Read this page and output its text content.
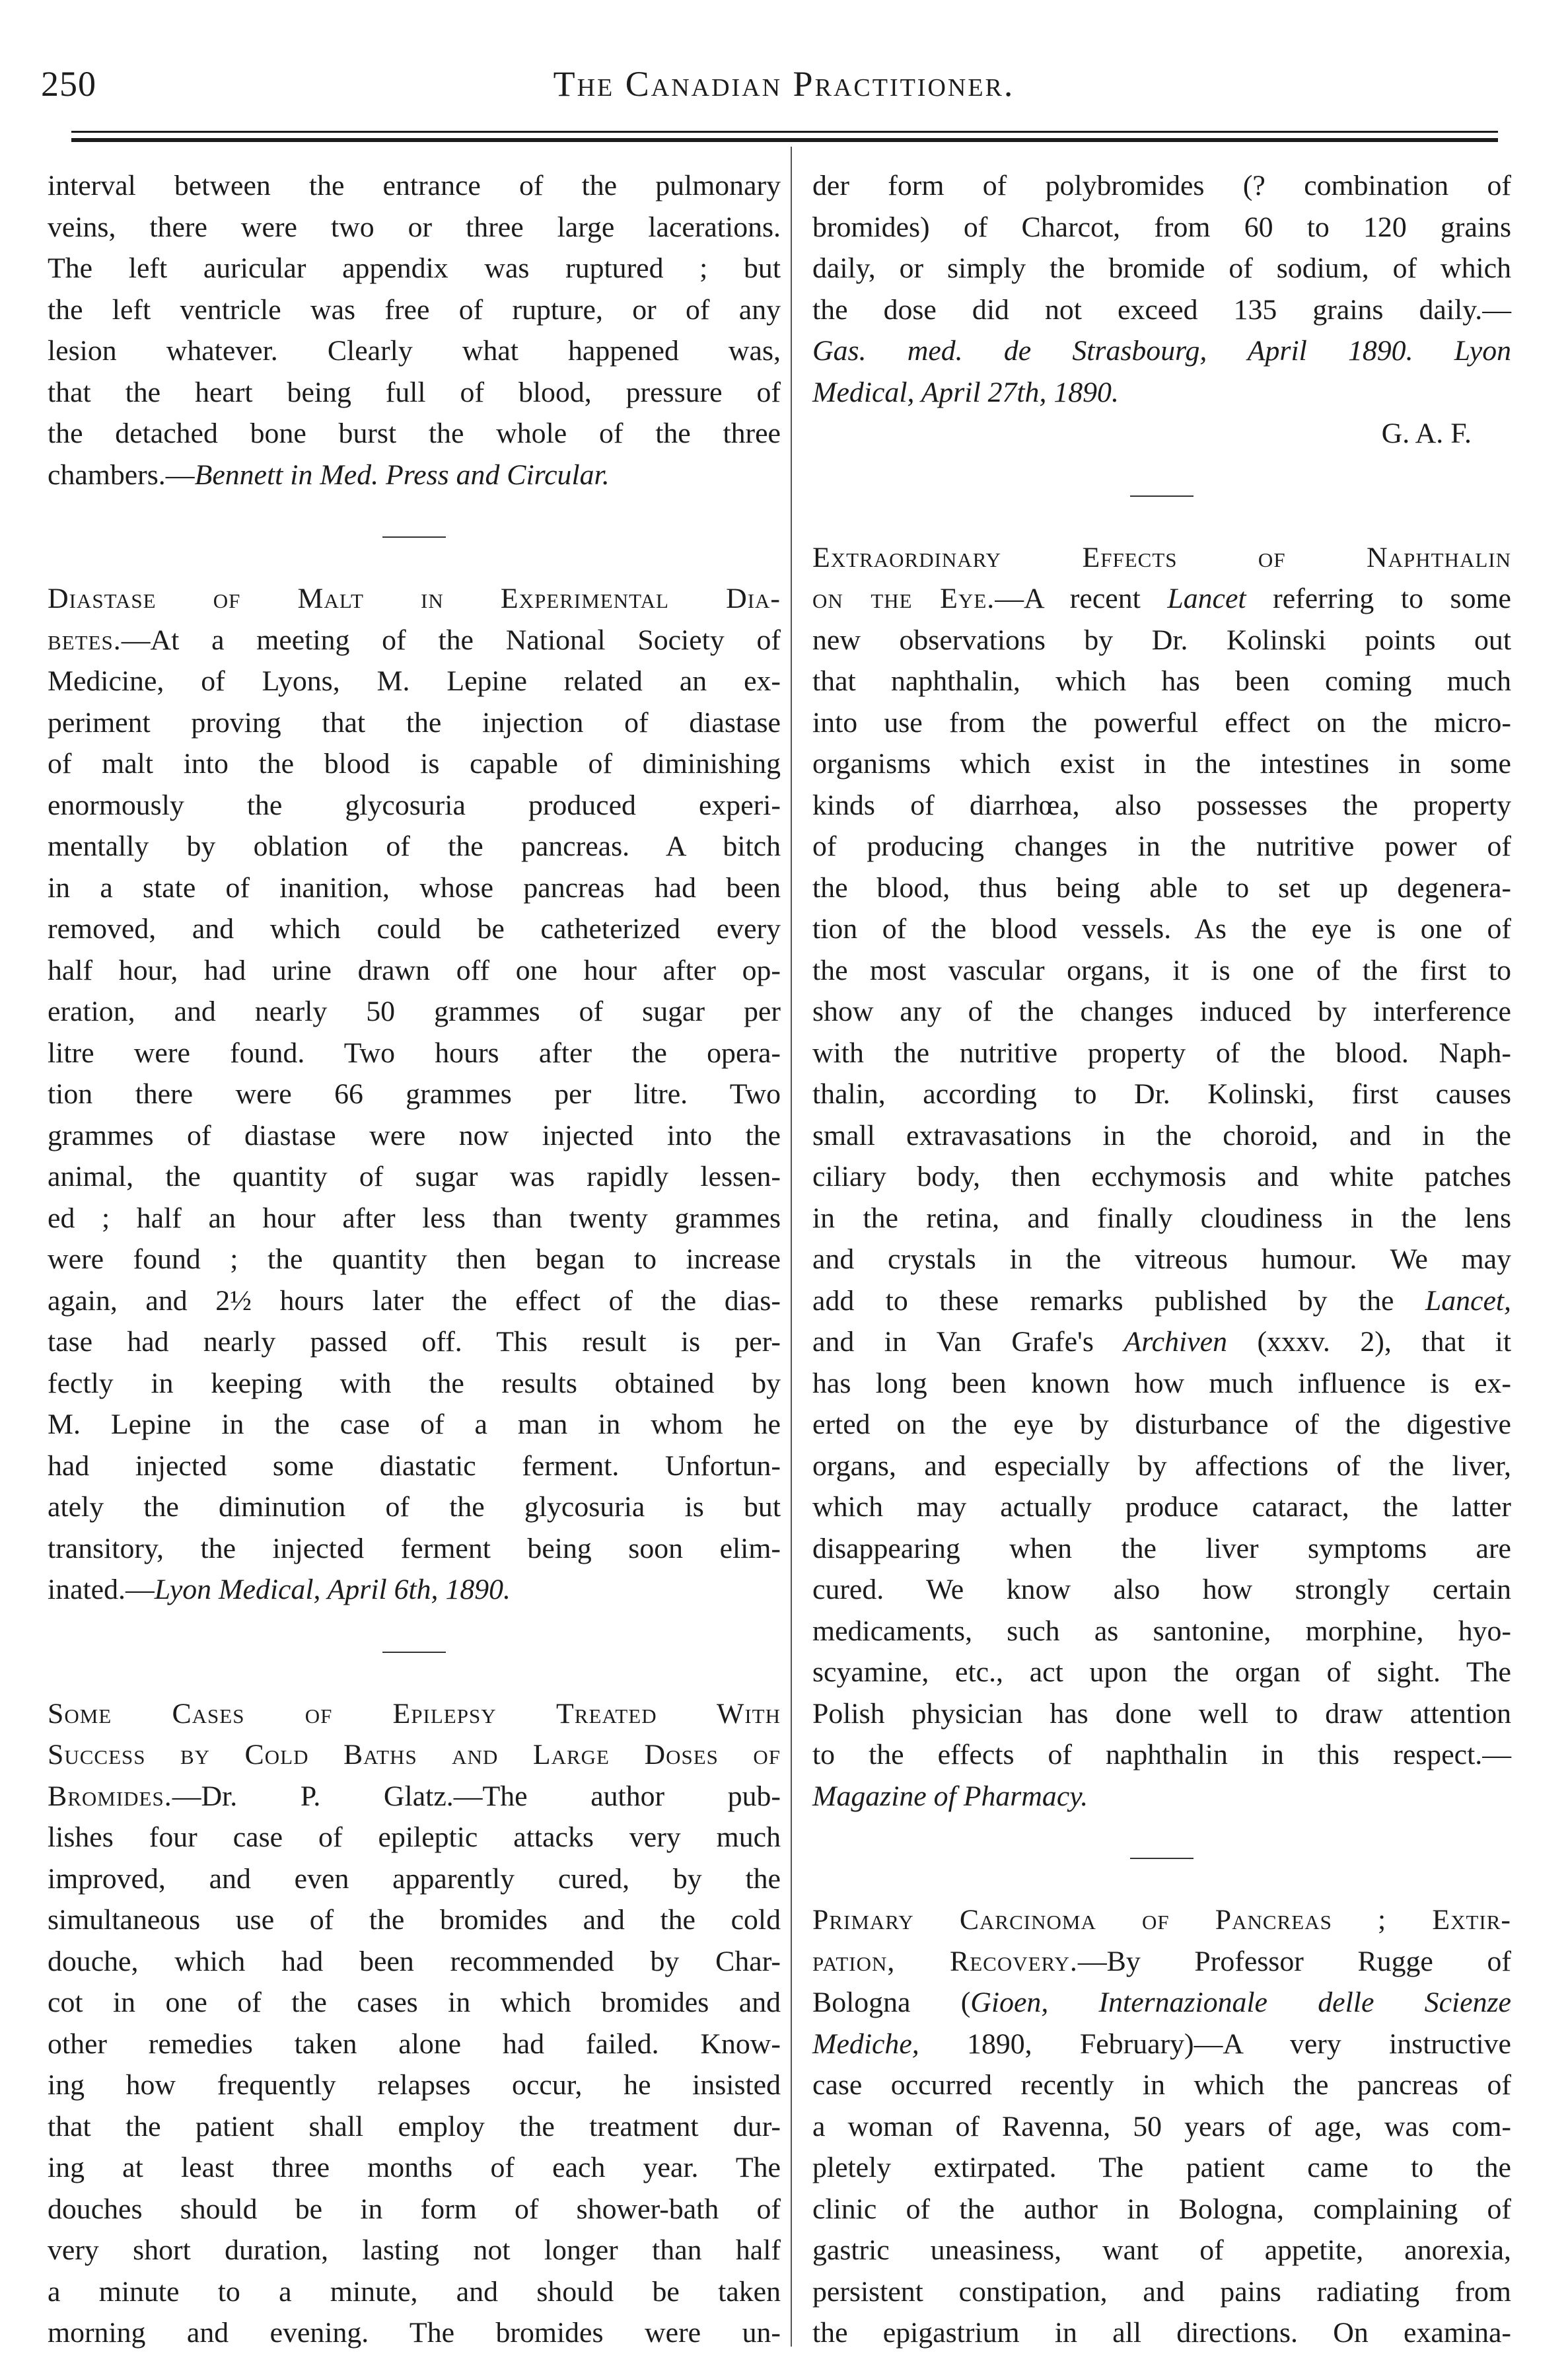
250	The Canadian Practitioner.
interval between the entrance of the pulmonary
veins, there were two or three large lacerations.
The left auricular appendix was ruptured ; but
the left ventricle was free of rupture, or of any
lesion whatever. Clearly what happened was,
that the heart being full of blood, pressure of
the detached bone burst the whole of the three
chambers.—Bennett in Med. Press and Circular.
Diastase of Malt in Experimental Dia-
betes.—At a meeting of the National Society of
Medicine, of Lyons, M. Lepine related an ex-
periment proving that the injection of diastase
of malt into the blood is capable of diminishing
enormously the glycosuria produced experi-
mentally by oblation of the pancreas. A bitch
in a state of inanition, whose pancreas had been
removed, and which could be catheterized every
half hour, had urine drawn off one hour after op-
eration, and nearly 50 grammes of sugar per
litre were found. Two hours after the opera-
tion there were 66 grammes per litre. Two
grammes of diastase were now injected into the
animal, the quantity of sugar was rapidly lessen-
ed ; half an hour after less than twenty grammes
were found ; the quantity then began to increase
again, and 2½ hours later the effect of the dias-
tase had nearly passed off. This result is per-
fectly in keeping with the results obtained by
M. Lepine in the case of a man in whom he
had injected some diastatic ferment. Unfortun-
ately the diminution of the glycosuria is but
transitory, the injected ferment being soon elim-
inated.—Lyon Medical, April 6th, 1890.
Some Cases of Epilepsy Treated With
Success by Cold Baths and Large Doses of
Bromides.—Dr. P. Glatz.—The author pub-
lishes four case of epileptic attacks very much
improved, and even apparently cured, by the
simultaneous use of the bromides and the cold
douche, which had been recommended by Char-
cot in one of the cases in which bromides and
other remedies taken alone had failed. Know-
ing how frequently relapses occur, he insisted
that the patient shall employ the treatment dur-
ing at least three months of each year. The
douches should be in form of shower-bath of
very short duration, lasting not longer than half
a minute to a minute, and should be taken
morning and evening. The bromides were un-
der form of polybromides (? combination of
bromides) of Charcot, from 60 to 120 grains
daily, or simply the bromide of sodium, of which
the dose did not exceed 135 grains daily.—
Gas. med. de Strasbourg, April 1890. Lyon
Medical, April 27th, 1890.

G. A. F.

Extraordinary Effects of Naphthalin
on the Eye.—A recent Lancet referring to some
new observations by Dr. Kolinski points out
that naphthalin, which has been coming much
into use from the powerful effect on the micro-
organisms which exist in the intestines in some
kinds of diarrhœa, also possesses the property
of producing changes in the nutritive power of
the blood, thus being able to set up degenera-
tion of the blood vessels. As the eye is one of
the most vascular organs, it is one of the first to
show any of the changes induced by interference
with the nutritive property of the blood. Naph-
thalin, according to Dr. Kolinski, first causes
small extravasations in the choroid, and in the
ciliary body, then ecchymosis and white patches
in the retina, and finally cloudiness in the lens
and crystals in the vitreous humour. We may
add to these remarks published by the Lancet,
and in Van Grafe's Archiven (xxxv. 2), that it
has long been known how much influence is ex-
erted on the eye by disturbance of the digestive
organs, and especially by affections of the liver,
which may actually produce cataract, the latter
disappearing when the liver symptoms are
cured. We know also how strongly certain
medicaments, such as santonine, morphine, hyo-
scyamine, etc., act upon the organ of sight. The
Polish physician has done well to draw attention
to the effects of naphthalin in this respect.—
Magazine of Pharmacy.
Primary Carcinoma of Pancreas ; Extir-
pation, Recovery.—By Professor Rugge of
Bologna (Gioen, Internazionale delle Scienze
Mediche, 1890, February)—A very instructive
case occurred recently in which the pancreas of
a woman of Ravenna, 50 years of age, was com-
pletely extirpated. The patient came to the
clinic of the author in Bologna, complaining of
gastric uneasiness, want of appetite, anorexia,
persistent constipation, and pains radiating from
the epigastrium in all directions. On examina-
